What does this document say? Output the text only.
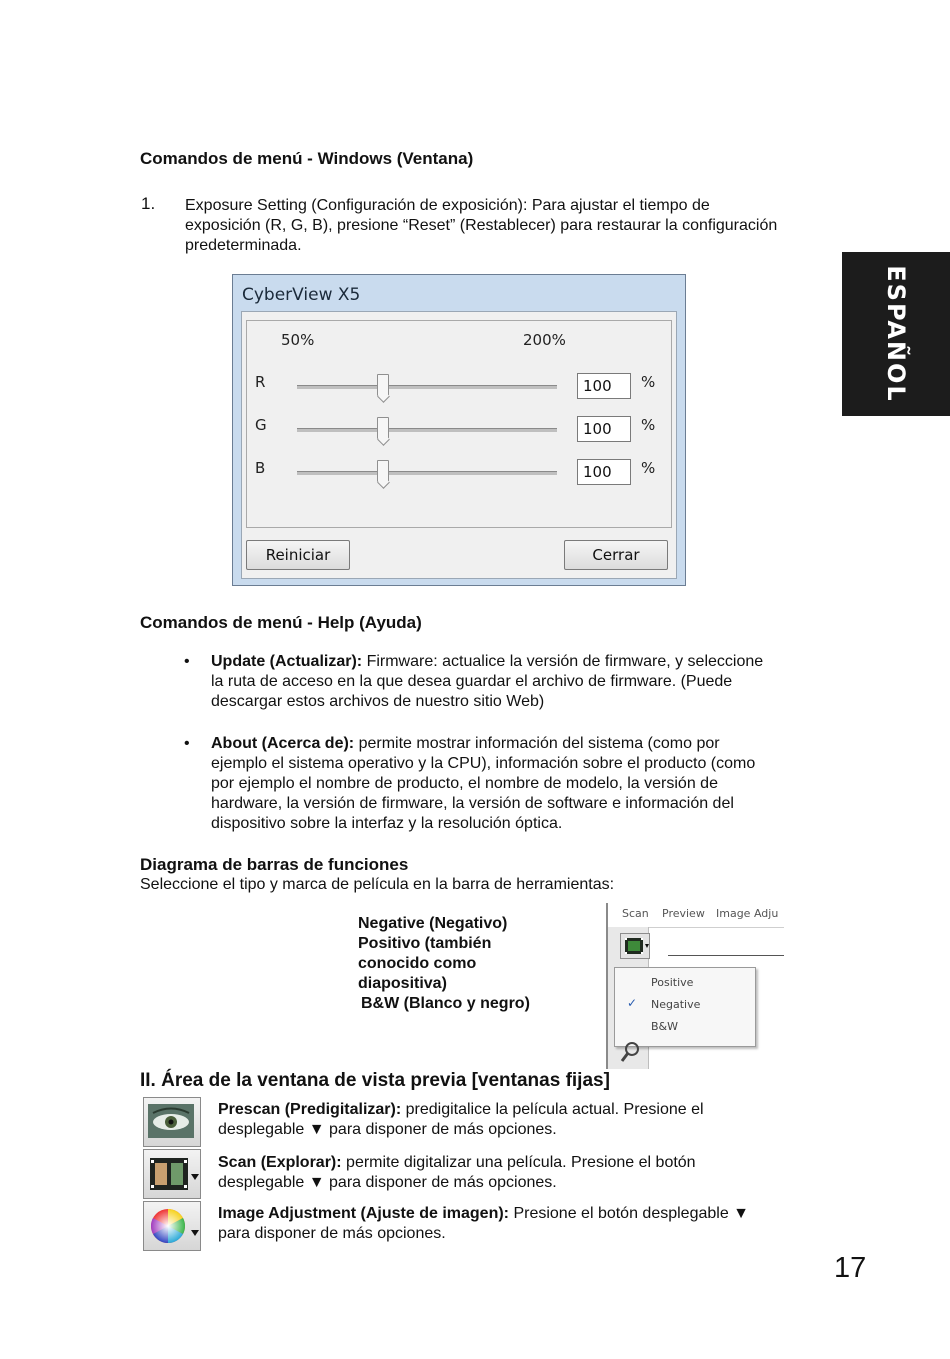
ESPAÑOL
Comandos de menú - Windows (Ventana)
1. Exposure Setting (Configuración de exposición): Para ajustar el tiempo de exposición (R, G, B), presione “Reset” (Restablecer) para restaurar la configuración predeterminada.
CyberView X5
50%	200%
R	100	%
G	100	%
B	100	%
Reiniciar	Cerrar
Comandos de menú - Help (Ayuda)
• Update (Actualizar): Firmware: actualice la versión de firmware, y seleccione
la ruta de acceso en la que desea guardar el archivo de firmware. (Puede
descargar estos archivos de nuestro sitio Web)
• About (Acerca de): permite mostrar información del sistema (como por
ejemplo el sistema operativo y la CPU), información sobre el producto (como
por ejemplo el nombre de producto, el nombre de modelo, la versión de
hardware, la versión de firmware, la versión de software e información del
dispositivo sobre la interfaz y la resolución óptica.
Diagrama de barras de funciones
Seleccione el tipo y marca de película en la barra de herramientas:
Negative (Negativo)
Positivo (también
conocido como
diapositiva)
B&W (Blanco y negro)
Scan Preview Image Adju
Positive
✓ Negative
B&W
II. Área de la ventana de vista previa [ventanas fijas]
Prescan (Predigitalizar): predigitalice la película actual. Presione el
desplegable ▼ para disponer de más opciones.
Scan (Explorar): permite digitalizar una película. Presione el botón
desplegable ▼ para disponer de más opciones.
Image Adjustment (Ajuste de imagen): Presione el botón desplegable ▼
para disponer de más opciones.
17
